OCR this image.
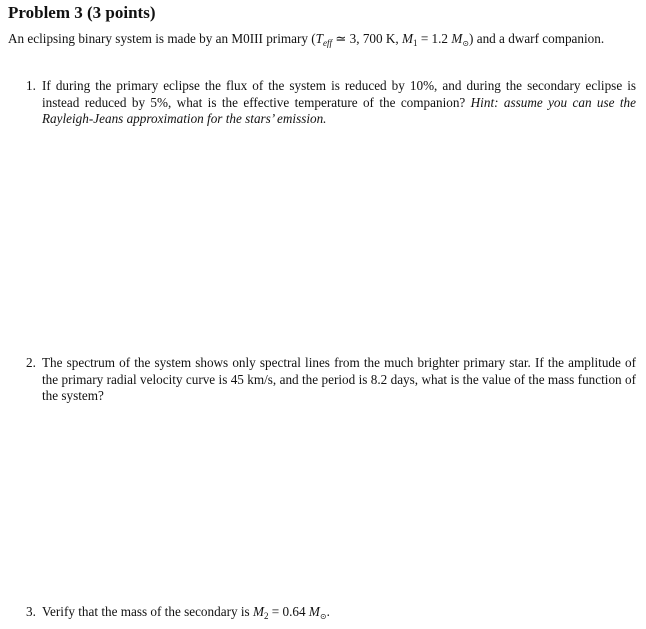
Problem 3 (3 points)
An eclipsing binary system is made by an M0III primary ($T_{eff}$ ≃ 3, 700 K, $M_1 = 1.2$ $M_⊙$) and a dwarf companion.
1. If during the primary eclipse the flux of the system is reduced by 10%, and during the secondary eclipse is instead reduced by 5%, what is the effective temperature of the companion? Hint: assume you can use the Rayleigh-Jeans approximation for the stars’ emission.
2. The spectrum of the system shows only spectral lines from the much brighter primary star. If the amplitude of the primary radial velocity curve is 45 km/s, and the period is 8.2 days, what is the value of the mass function of the system?
3. Verify that the mass of the secondary is $M_2 = 0.64$ $M_⊙$.
